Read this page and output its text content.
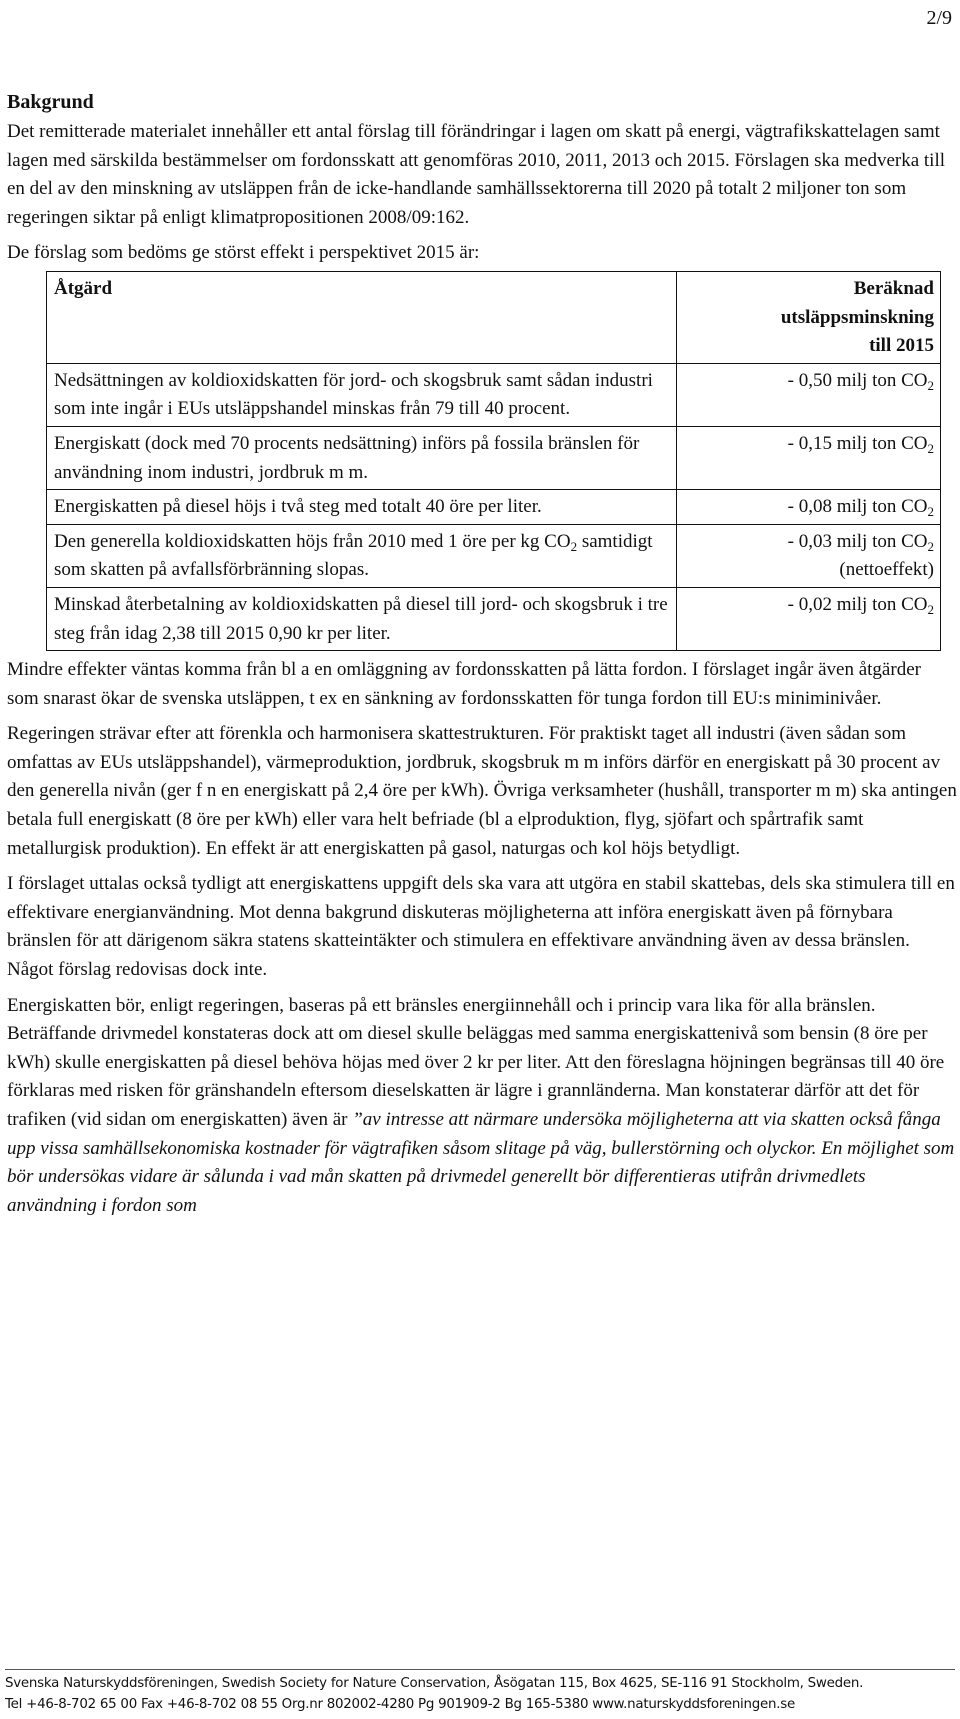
2/9
Bakgrund

Det remitterade materialet innehåller ett antal förslag till förändringar i lagen om skatt på energi, vägtrafikskattelagen samt lagen med särskilda bestämmelser om fordonsskatt att genomföras 2010, 2011, 2013 och 2015. Förslagen ska medverka till en del av den minskning av utsläppen från de icke-handlande samhällssektorerna till 2020 på totalt 2 miljoner ton som regeringen siktar på enligt klimatpropositionen 2008/09:162.

De förslag som bedöms ge störst effekt i perspektivet 2015 är:

Åtgärd	Beräknad
utsläppsminskning
till 2015
Nedsättningen av koldioxidskatten för jord- och skogsbruk samt sådan industri som inte ingår i EUs utsläppshandel minskas från 79 till 40 procent.	- 0,50 milj ton $CO_2$
Energiskatt (dock med 70 procents nedsättning) införs på fossila bränslen för användning inom industri, jordbruk m m.	- 0,15 milj ton $CO_2$
Energiskatten på diesel höjs i två steg med totalt 40 öre per liter.	- 0,08 milj ton $CO_2$
Den generella koldioxidskatten höjs från 2010 med 1 öre per kg $CO_2$ samtidigt som skatten på avfallsförbränning slopas.	- 0,03 milj ton $CO_2$
(nettoeffekt)

Minskad återbetalning av koldioxidskatten på diesel till jord- och skogsbruk i tre steg från idag 2,38 till 2015 0,90 kr per liter.	- 0,02 milj ton $CO_2$

Mindre effekter väntas komma från bl a en omläggning av fordonsskatten på lätta fordon. I förslaget ingår även åtgärder som snarast ökar de svenska utsläppen, t ex en sänkning av fordonsskatten för tunga fordon till EU:s miniminivåer.

Regeringen strävar efter att förenkla och harmonisera skattestrukturen. För praktiskt taget all industri (även sådan som omfattas av EUs utsläppshandel), värmeproduktion, jordbruk, skogsbruk m m införs därför en energiskatt på 30 procent av den generella nivån (ger f n en energiskatt på 2,4 öre per kWh). Övriga verksamheter (hushåll, transporter m m) ska antingen betala full energiskatt (8 öre per kWh) eller vara helt befriade (bl a elproduktion, flyg, sjöfart och spårtrafik samt metallurgisk produktion). En effekt är att energiskatten på gasol, naturgas och kol höjs betydligt.

I förslaget uttalas också tydligt att energiskattens uppgift dels ska vara att utgöra en stabil skattebas, dels ska stimulera till en effektivare energianvändning. Mot denna bakgrund diskuteras möjligheterna att införa energiskatt även på förnybara bränslen för att därigenom säkra statens skatteintäkter och stimulera en effektivare användning även av dessa bränslen. Något förslag redovisas dock inte.

Energiskatten bör, enligt regeringen, baseras på ett bränsles energiinnehåll och i princip vara lika för alla bränslen. Beträffande drivmedel konstateras dock att om diesel skulle beläggas med samma energiskattenivå som bensin (8 öre per kWh) skulle energiskatten på diesel behöva höjas med över 2 kr per liter. Att den föreslagna höjningen begränsas till 40 öre förklaras med risken för gränshandeln eftersom dieselskatten är lägre i grannländerna. Man konstaterar därför att det för trafiken (vid sidan om energiskatten) även är ”av intresse att närmare undersöka möjligheterna att via skatten också fånga upp vissa samhällsekonomiska kostnader för vägtrafiken såsom slitage på väg, bullerstörning och olyckor. En möjlighet som bör undersökas vidare är sålunda i vad mån skatten på drivmedel generellt bör differentieras utifrån drivmedlets användning i fordon som

Svenska Naturskyddsföreningen, Swedish Society for Nature Conservation, Åsögatan 115, Box 4625, SE-116 91 Stockholm, Sweden.
Tel +46-8-702 65 00 Fax +46-8-702 08 55 Org.nr 802002-4280 Pg 901909-2 Bg 165-5380 www.naturskyddsforeningen.se
